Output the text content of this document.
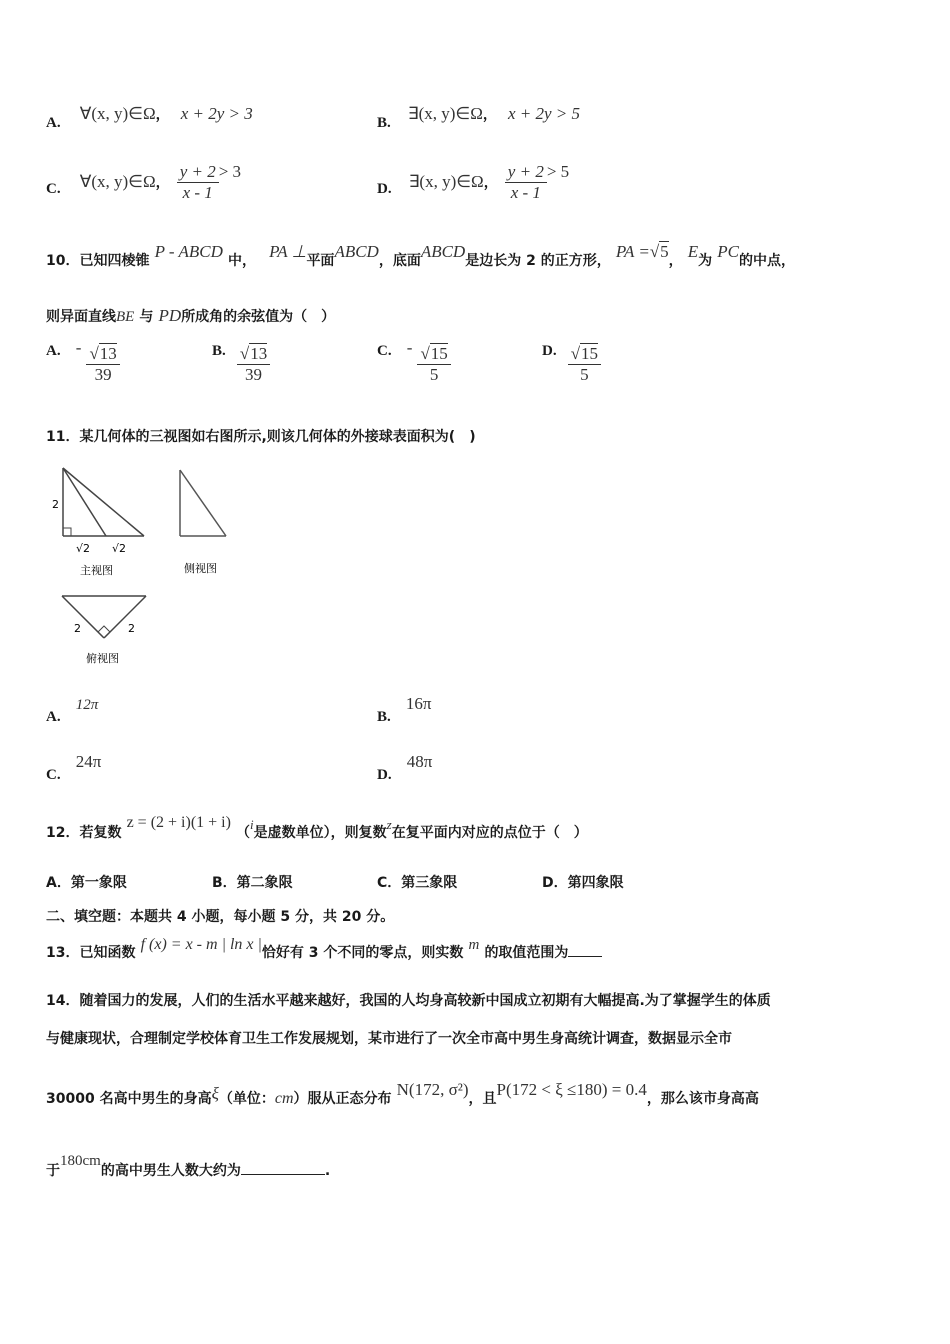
A. ∀(x, y)∈Ω， x + 2y > 3	B. ∃(x, y)∈Ω， x + 2y > 5
C. ∀(x, y)∈Ω， $\frac{y + 2}{x - 1} > 3$
D. ∃(x, y)∈Ω， $\frac{y + 2}{x - 1} > 5$
10．已知四棱锥 P - ABCD 中， PA ⊥平面ABCD，底面ABCD是边长为 2 的正方形， PA =√5， E为 PC的中点，
则异面直线BE 与 PD所成角的余弦值为（　）
A. - $\frac{√13}{39}$	B. $\frac{√13}{39}$	C. - $\frac{√15}{5}$	D. $\frac{√15}{5}$
11．某几何体的三视图如右图所示,则该几何体的外接球表面积为(　)
2
√2 √2
主视图	侧视图
2	2
俯视图
A. 12π
B. 16π
C. 24π
D. 48π
12．若复数 z = (2 + i)(1 + i) （$^i$是虚数单位），则复数$^z$在复平面内对应的点位于（　）
A．第一象限	B．第二象限	C．第三象限	D．第四象限
二、填空题：本题共 4 小题，每小题 5 分，共 20 分。
13．已知函数 f (x) = x - m | ln x |恰好有 3 个不同的零点，则实数 m 的取值范围为
14．随着国力的发展，人们的生活水平越来越好，我国的人均身高较新中国成立初期有大幅提高.为了掌握学生的体质
与健康现状，合理制定学校体育卫生工作发展规划，某市进行了一次全市高中男生身高统计调查，数据显示全市
30000 名高中男生的身高ξ（单位：cm）服从正态分布 N(172, σ²)，且P(172 < ξ ≤180) = 0.4，那么该市身高高
于180cm的高中男生人数大约为	.
